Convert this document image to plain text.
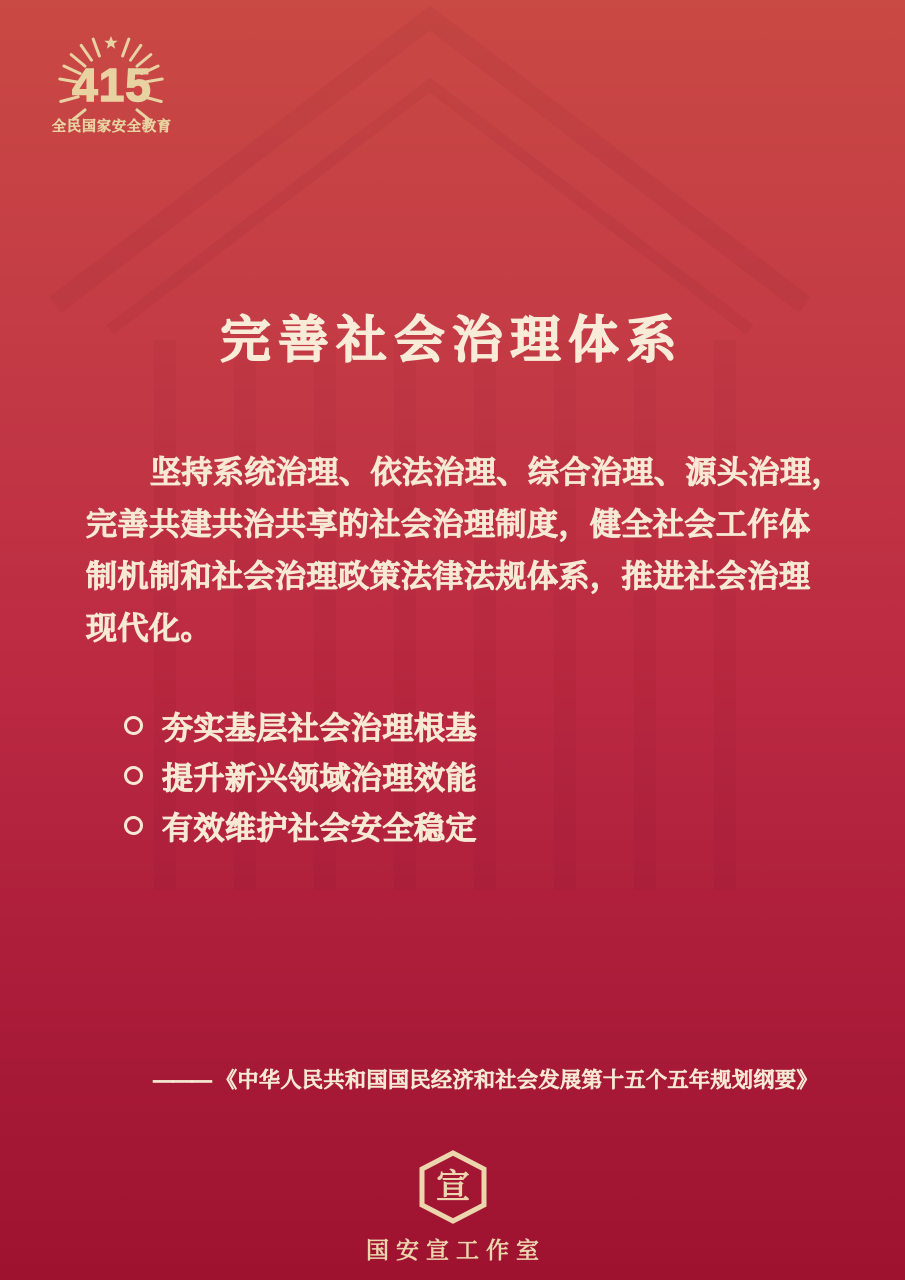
415
全民国家安全教育
完善社会治理体系
坚持系统治理、依法治理、综合治理、源头治理，
完善共建共治共享的社会治理制度，健全社会工作体
制机制和社会治理政策法律法规体系，推进社会治理
现代化。
夯实基层社会治理根基
提升新兴领域治理效能
有效维护社会安全稳定
——— 《中华人民共和国国民经济和社会发展第十五个五年规划纲要》
宣
国安宣工作室
